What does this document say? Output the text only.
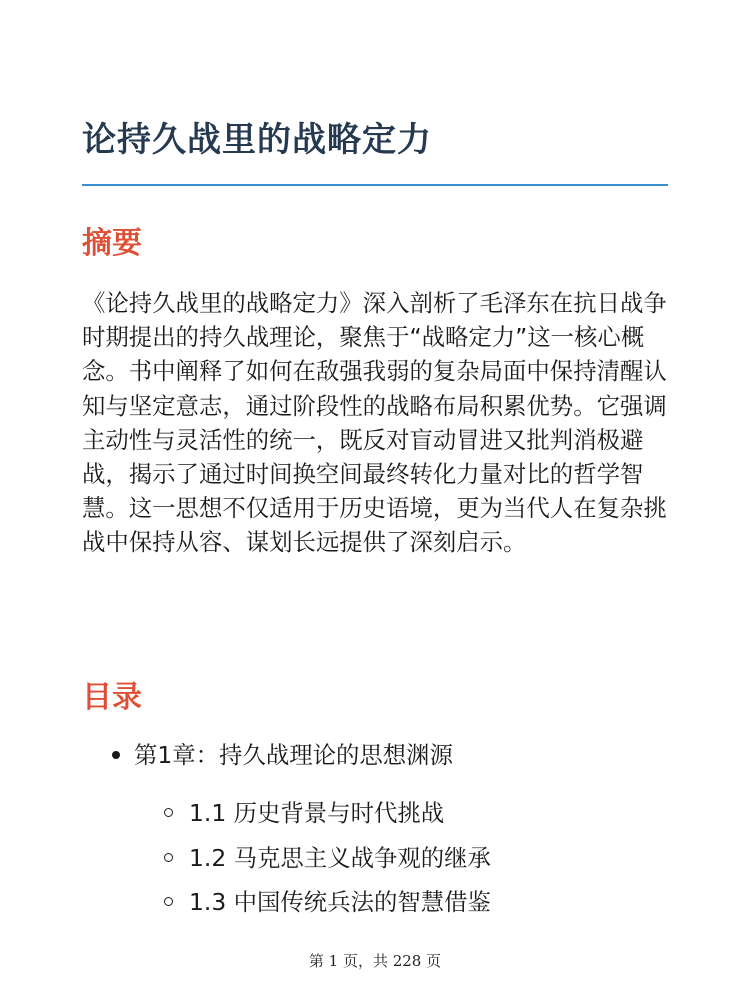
论持久战里的战略定力
摘要

《论持久战里的战略定力》深入剖析了毛泽东在抗日战争时期提出的持久战理论，聚焦于“战略定力”这一核心概念。书中阐释了如何在敌强我弱的复杂局面中保持清醒认知与坚定意志，通过阶段性的战略布局积累优势。它强调主动性与灵活性的统一，既反对盲动冒进又批判消极避战，揭示了通过时间换空间最终转化力量对比的哲学智慧。这一思想不仅适用于历史语境，更为当代人在复杂挑战中保持从容、谋划长远提供了深刻启示。

目录
第1章：持久战理论的思想渊源
1.1 历史背景与时代挑战
1.2 马克思主义战争观的继承
1.3 中国传统兵法的智慧借鉴
第 1 页，共 228 页
